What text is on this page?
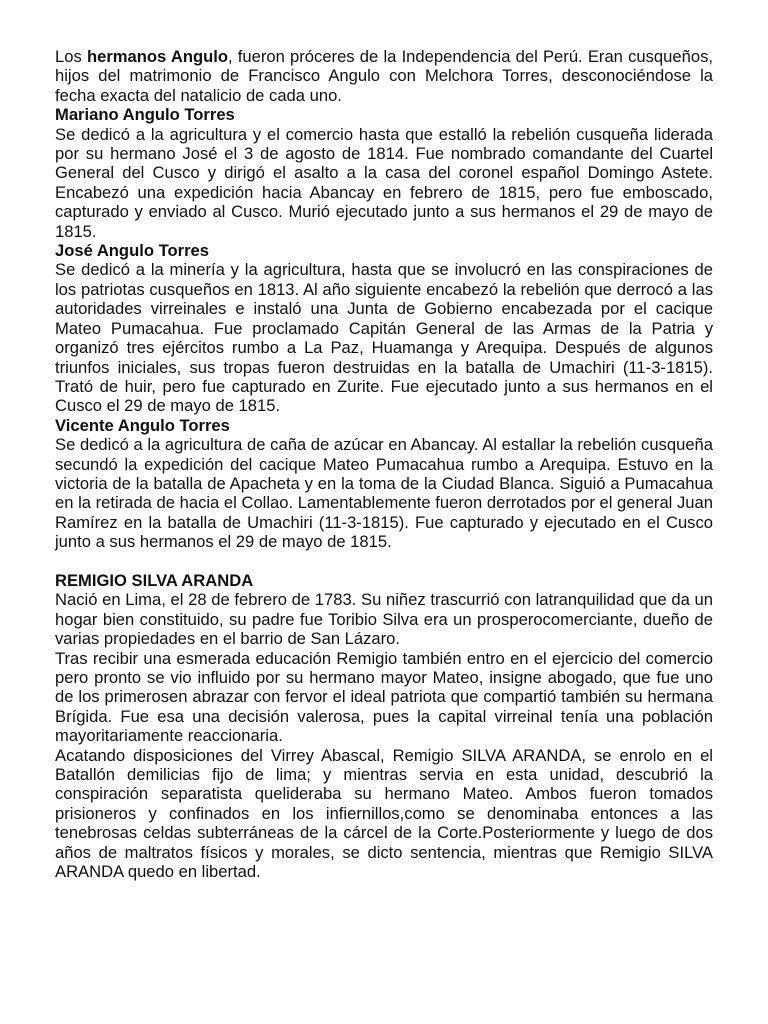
Los hermanos Angulo, fueron próceres de la Independencia del Perú. Eran cusqueños, hijos del matrimonio de Francisco Angulo con Melchora Torres, desconociéndose la fecha exacta del natalicio de cada uno.

Mariano Angulo Torres

Se dedicó a la agricultura y el comercio hasta que estalló la rebelión cusqueña liderada por su hermano José el 3 de agosto de 1814. Fue nombrado comandante del Cuartel General del Cusco y dirigó el asalto a la casa del coronel español Domingo Astete. Encabezó una expedición hacia Abancay en febrero de 1815, pero fue emboscado, capturado y enviado al Cusco. Murió ejecutado junto a sus hermanos el 29 de mayo de 1815.

José Angulo Torres

Se dedicó a la minería y la agricultura, hasta que se involucró en las conspiraciones de los patriotas cusqueños en 1813. Al año siguiente encabezó la rebelión que derrocó a las autoridades virreinales e instaló una Junta de Gobierno encabezada por el cacique Mateo Pumacahua. Fue proclamado Capitán General de las Armas de la Patria y organizó tres ejércitos rumbo a La Paz, Huamanga y Arequipa. Después de algunos triunfos iniciales, sus tropas fueron destruidas en la batalla de Umachiri (11-3-1815). Trató de huir, pero fue capturado en Zurite. Fue ejecutado junto a sus hermanos en el Cusco el 29 de mayo de 1815.

Vicente Angulo Torres

Se dedicó a la agricultura de caña de azúcar en Abancay. Al estallar la rebelión cusqueña secundó la expedición del cacique Mateo Pumacahua rumbo a Arequipa. Estuvo en la victoria de la batalla de Apacheta y en la toma de la Ciudad Blanca. Siguió a Pumacahua en la retirada de hacia el Collao. Lamentablemente fueron derrotados por el general Juan Ramírez en la batalla de Umachiri (11-3-1815). Fue capturado y ejecutado en el Cusco junto a sus hermanos el 29 de mayo de 1815.

REMIGIO SILVA ARANDA

Nació en Lima, el 28 de febrero de 1783. Su niñez trascurrió con latranquilidad que da un hogar bien constituido, su padre fue Toribio Silva era un prosperocomerciante, dueño de varias propiedades en el barrio de San Lázaro.

Tras recibir una esmerada educación Remigio también entro en el ejercicio del comercio pero pronto se vio influido por su hermano mayor Mateo, insigne abogado, que fue uno de los primerosen abrazar con fervor el ideal patriota que compartió también su hermana Brígida. Fue esa una decisión valerosa, pues la capital virreinal tenía una población mayoritariamente reaccionaria.

Acatando disposiciones del Virrey Abascal, Remigio SILVA ARANDA, se enrolo en el Batallón demilicias fijo de lima; y mientras servia en esta unidad, descubrió la conspiración separatista quelideraba su hermano Mateo. Ambos fueron tomados prisioneros y confinados en los infiernillos,como se denominaba entonces a las tenebrosas celdas subterráneas de la cárcel de la Corte.Posteriormente y luego de dos años de maltratos físicos y morales, se dicto sentencia, mientras que Remigio SILVA ARANDA quedo en libertad.
